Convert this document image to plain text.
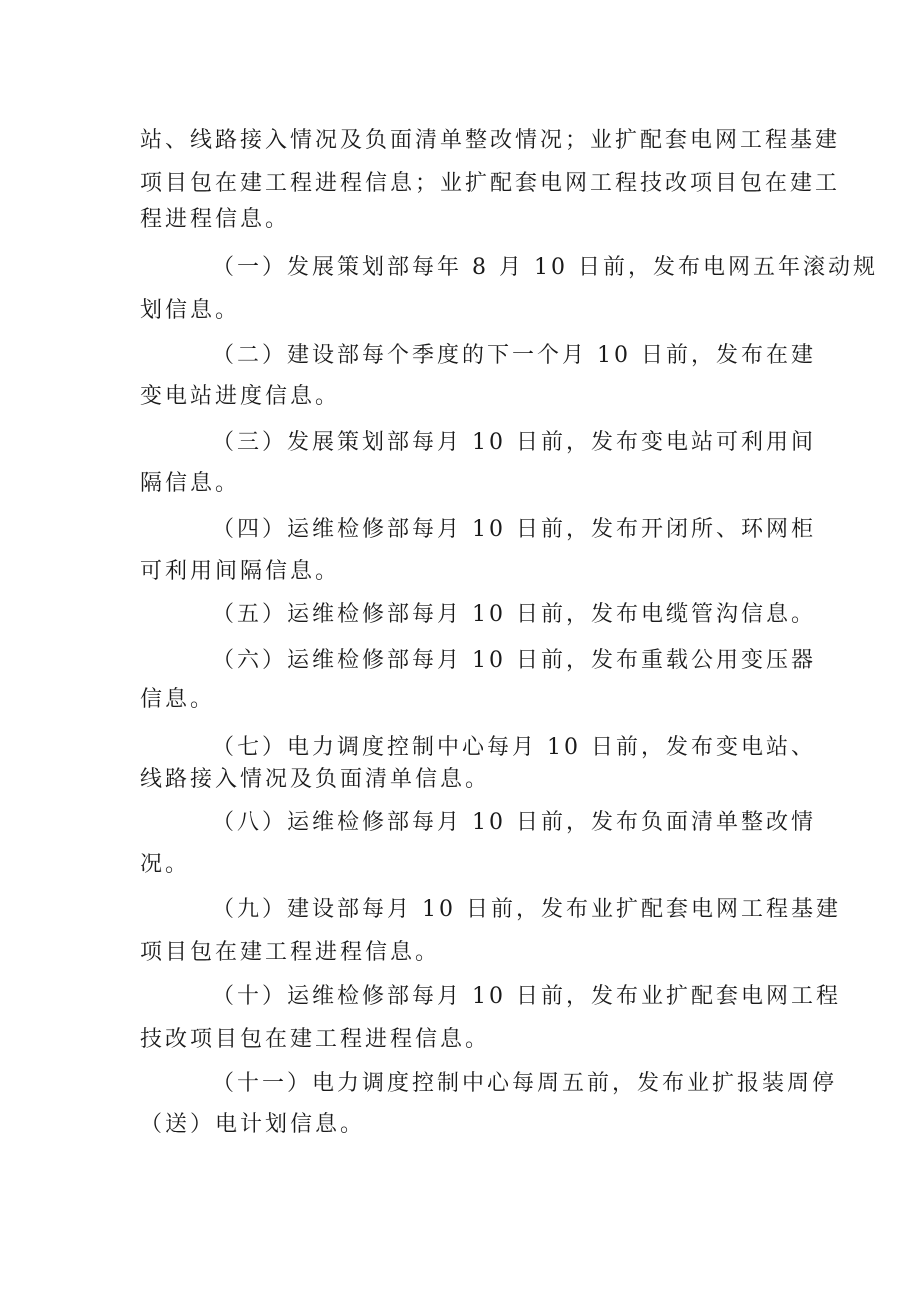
站、线路接入情况及负面清单整改情况；业扩配套电网工程基建
项目包在建工程进程信息；业扩配套电网工程技改项目包在建工
程进程信息。
（一）发展策划部每年 8 月 10 日前，发布电网五年滚动规
划信息。
（二）建设部每个季度的下一个月 10 日前，发布在建
变电站进度信息。
（三）发展策划部每月 10 日前，发布变电站可利用间
隔信息。
（四）运维检修部每月 10 日前，发布开闭所、环网柜
可利用间隔信息。
（五）运维检修部每月 10 日前，发布电缆管沟信息。
（六）运维检修部每月 10 日前，发布重载公用变压器
信息。
（七）电力调度控制中心每月 10 日前，发布变电站、
线路接入情况及负面清单信息。
（八）运维检修部每月 10 日前，发布负面清单整改情
况。
（九）建设部每月 10 日前，发布业扩配套电网工程基建
项目包在建工程进程信息。
（十）运维检修部每月 10 日前，发布业扩配套电网工程
技改项目包在建工程进程信息。
（十一）电力调度控制中心每周五前，发布业扩报装周停
（送）电计划信息。
